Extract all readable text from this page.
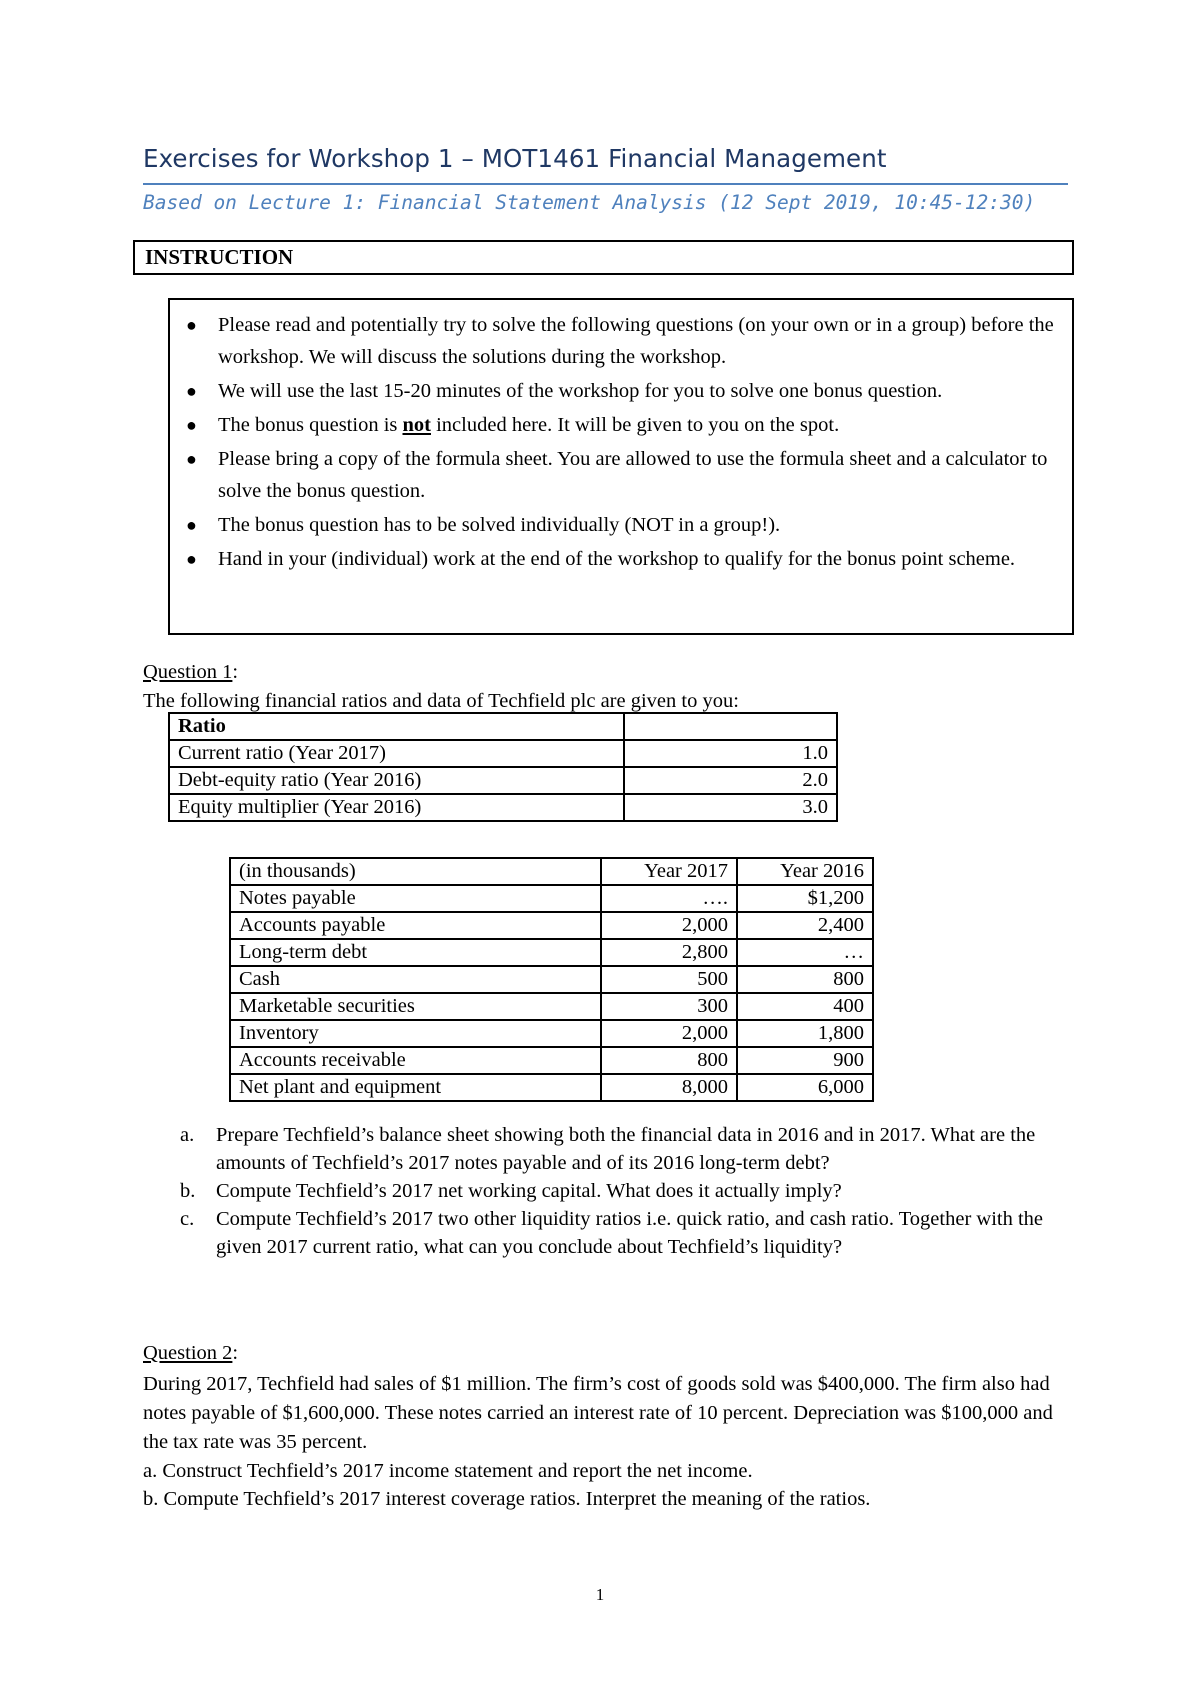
Exercises for Workshop 1 – MOT1461 Financial Management
Based on Lecture 1: Financial Statement Analysis (12 Sept 2019, 10:45-12:30)
INSTRUCTION
● Please read and potentially try to solve the following questions (on your own or in a group) before the workshop. We will discuss the solutions during the workshop.
● We will use the last 15-20 minutes of the workshop for you to solve one bonus question.
● The bonus question is not included here. It will be given to you on the spot.
● Please bring a copy of the formula sheet. You are allowed to use the formula sheet and a calculator to solve the bonus question.
● The bonus question has to be solved individually (NOT in a group!).
● Hand in your (individual) work at the end of the workshop to qualify for the bonus point scheme.
Question 1:
The following financial ratios and data of Techfield plc are given to you:
Ratio	
Current ratio (Year 2017)	1.0
Debt-equity ratio (Year 2016)	2.0
Equity multiplier (Year 2016)	3.0
(in thousands)	Year 2017	Year 2016
Notes payable	….	$1,200
Accounts payable	2,000	2,400
Long-term debt	2,800	…
Cash	500	800
Marketable securities	300	400
Inventory	2,000	1,800
Accounts receivable	800	900
Net plant and equipment	8,000	6,000
a. Prepare Techfield’s balance sheet showing both the financial data in 2016 and in 2017. What are the amounts of Techfield’s 2017 notes payable and of its 2016 long-term debt?
b. Compute Techfield’s 2017 net working capital. What does it actually imply?
c. Compute Techfield’s 2017 two other liquidity ratios i.e. quick ratio, and cash ratio. Together with the given 2017 current ratio, what can you conclude about Techfield’s liquidity?
Question 2:
During 2017, Techfield had sales of $1 million. The firm’s cost of goods sold was $400,000. The firm also had notes payable of $1,600,000. These notes carried an interest rate of 10 percent. Depreciation was $100,000 and the tax rate was 35 percent.
a. Construct Techfield’s 2017 income statement and report the net income.
b. Compute Techfield’s 2017 interest coverage ratios. Interpret the meaning of the ratios.
1
